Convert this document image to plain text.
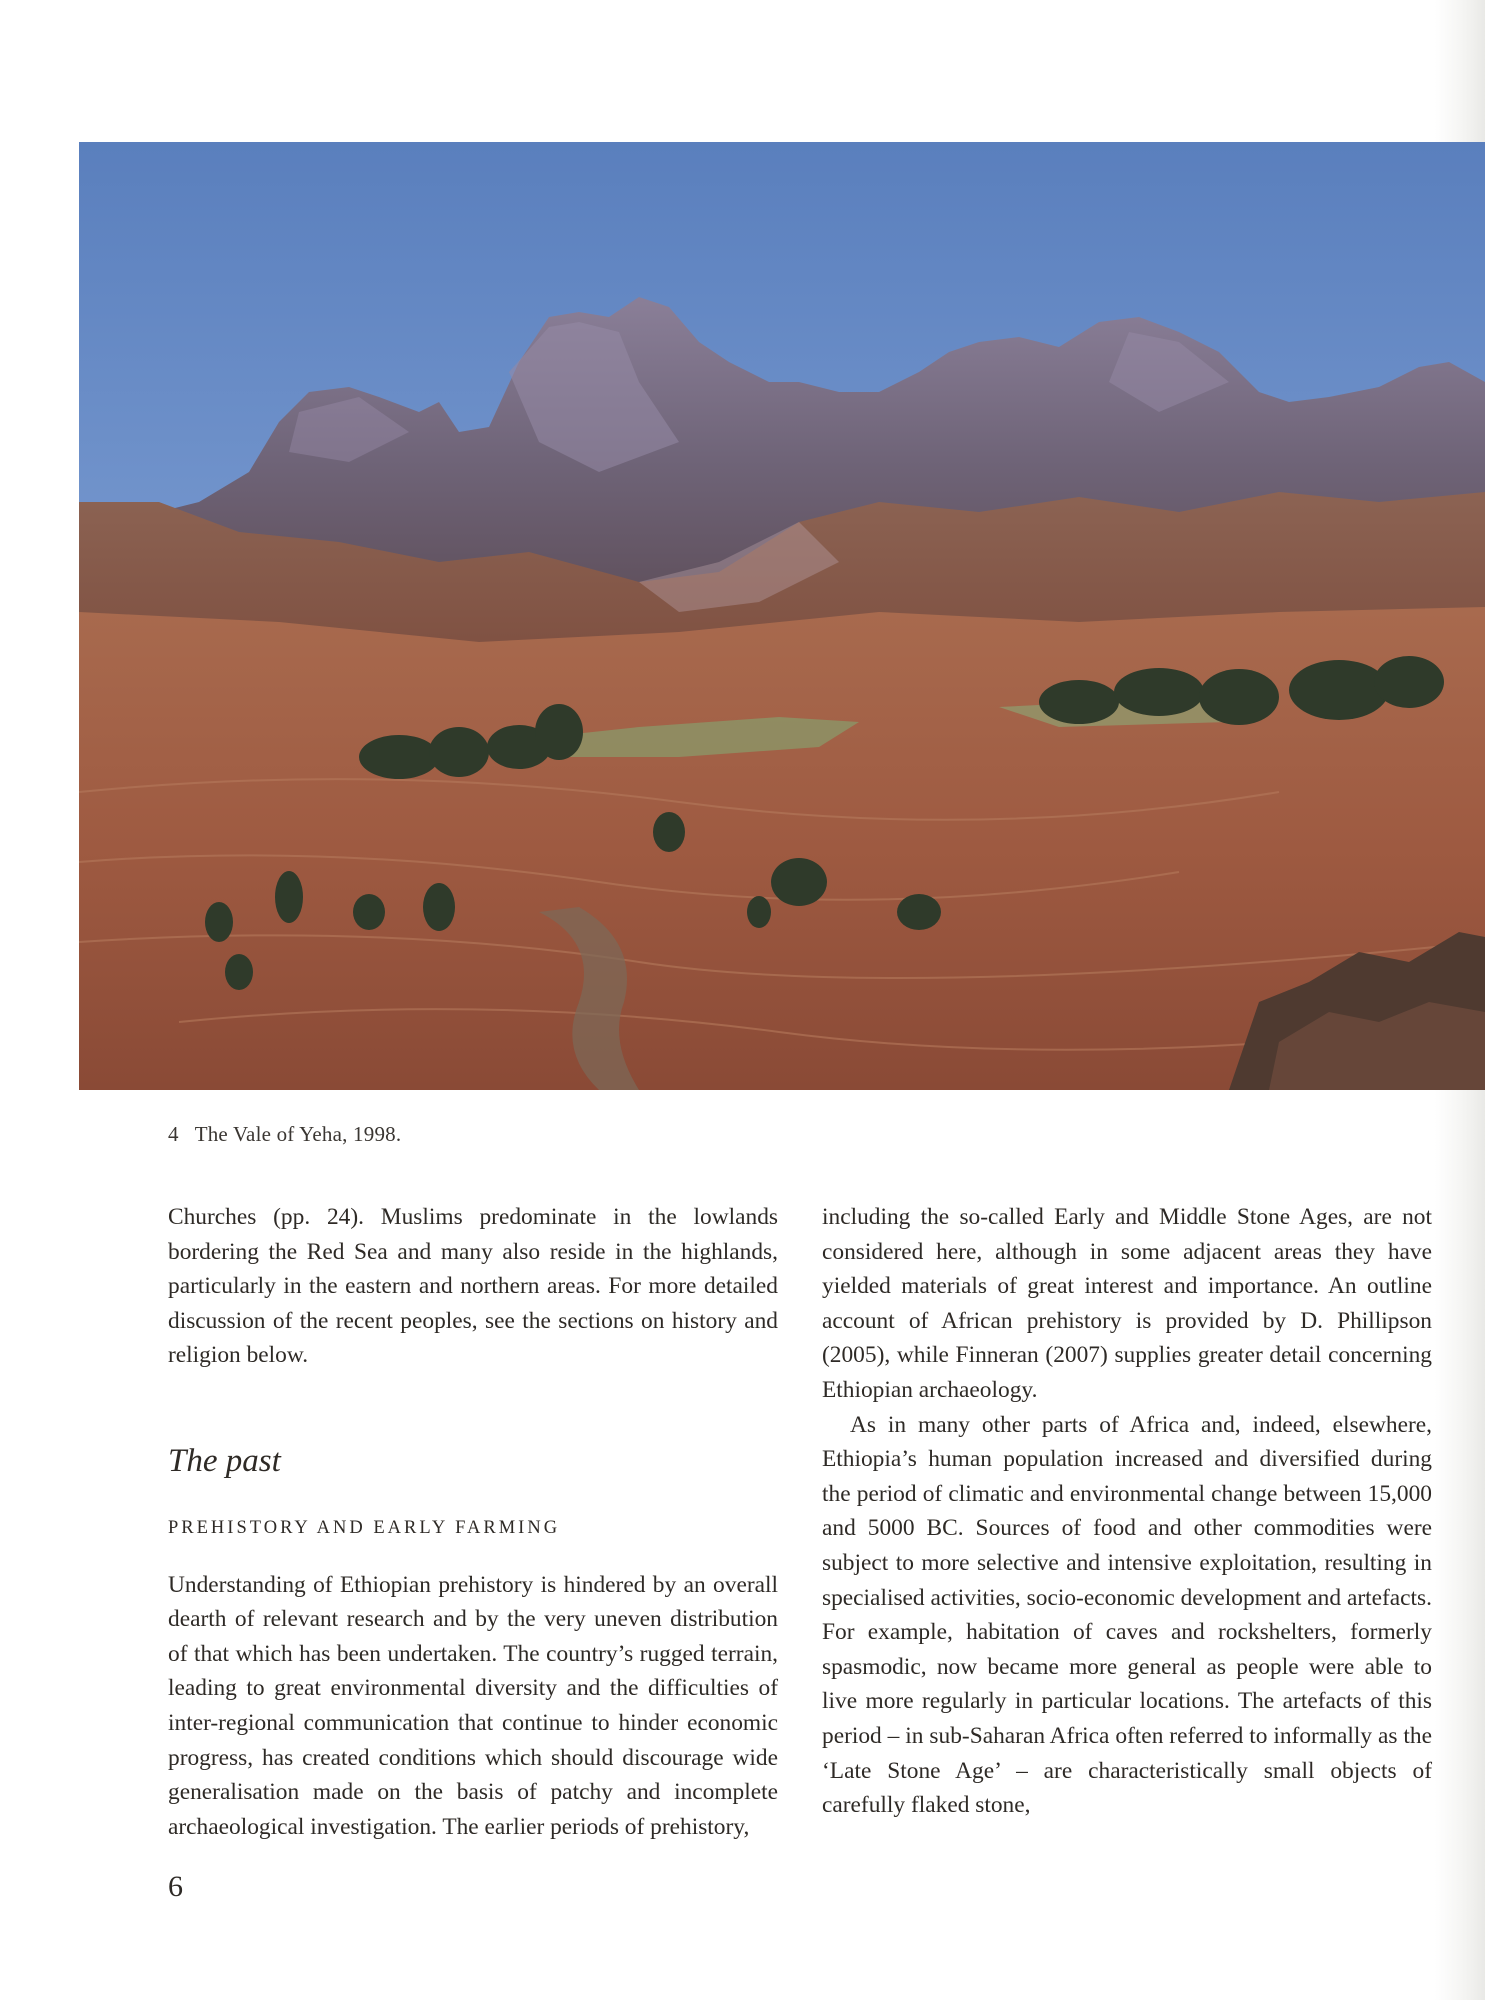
4 The Vale of Yeha, 1998.

Churches (pp. 24). Muslims predominate in the lowlands bordering the Red Sea and many also reside in the highlands, particularly in the eastern and northern areas. For more detailed discussion of the recent peoples, see the sections on history and religion below.

The past
PREHISTORY AND EARLY FARMING

Understanding of Ethiopian prehistory is hindered by an overall dearth of relevant research and by the very uneven distribution of that which has been undertaken. The country’s rugged terrain, leading to great environmental diversity and the difficulties of inter-regional communication that continue to hinder economic progress, has created conditions which should discourage wide generalisation made on the basis of patchy and incomplete archaeological investigation. The earlier periods of prehistory,

including the so-called Early and Middle Stone Ages, are not considered here, although in some adjacent areas they have yielded materials of great interest and importance. An outline account of African prehistory is provided by D. Phillipson (2005), while Finneran (2007) supplies greater detail concerning Ethiopian archaeology.

As in many other parts of Africa and, indeed, elsewhere, Ethiopia’s human population increased and diversified during the period of climatic and environmental change between 15,000 and 5000 BC. Sources of food and other commodities were subject to more selective and intensive exploitation, resulting in specialised activities, socio-economic development and artefacts. For example, habitation of caves and rockshelters, formerly spasmodic, now became more general as people were able to live more regularly in particular locations. The artefacts of this period – in sub-Saharan Africa often referred to informally as the ‘Late Stone Age’ – are characteristically small objects of carefully flaked stone,

6
